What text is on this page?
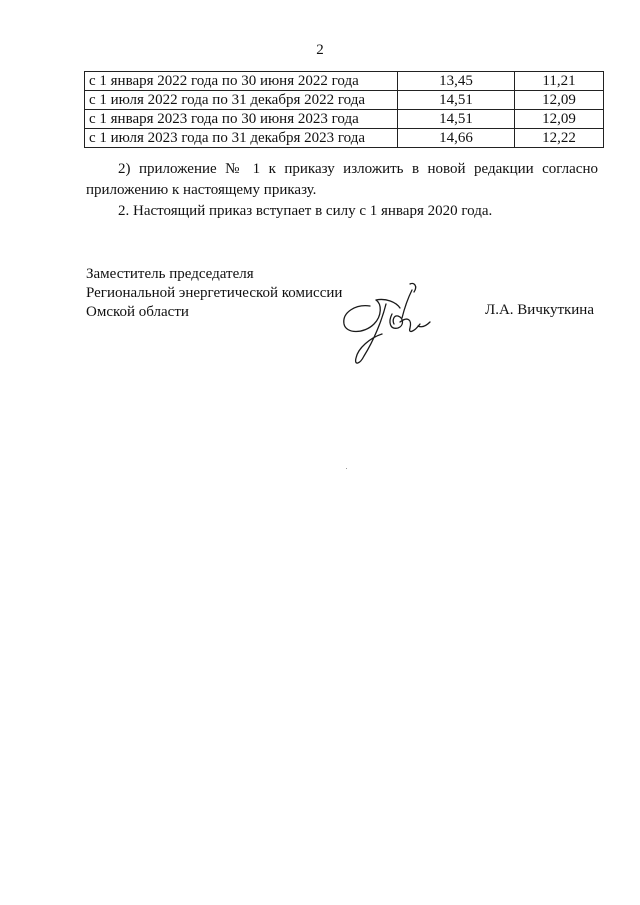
2
с 1 января 2022 года по 30 июня 2022 года	13,45	11,21
с 1 июля 2022 года по 31 декабря 2022 года	14,51	12,09
с 1 января 2023 года по 30 июня 2023 года	14,51	12,09
с 1 июля 2023 года по 31 декабря 2023 года	14,66	12,22
2) приложение № 1 к приказу изложить в новой редакции согласно приложению к настоящему приказу.
2. Настоящий приказ вступает в силу с 1 января 2020 года.
Заместитель председателя
Региональной энергетической комиссии
Омской области	Л.А. Вичкуткина
